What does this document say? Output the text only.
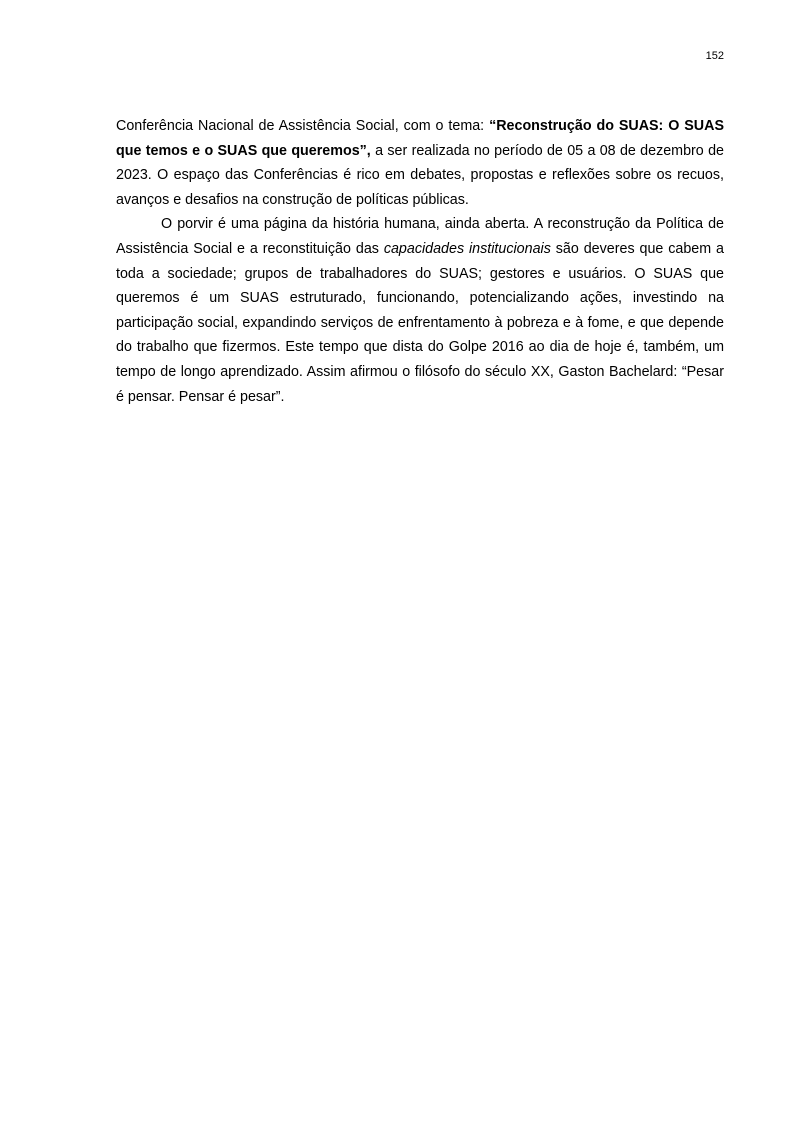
152

Conferência Nacional de Assistência Social, com o tema: “Reconstrução do SUAS: O SUAS que temos e o SUAS que queremos”, a ser realizada no período de 05 a 08 de dezembro de 2023. O espaço das Conferências é rico em debates, propostas e reflexões sobre os recuos, avanços e desafios na construção de políticas públicas.

O porvir é uma página da história humana, ainda aberta. A reconstrução da Política de Assistência Social e a reconstituição das capacidades institucionais são deveres que cabem a toda a sociedade; grupos de trabalhadores do SUAS; gestores e usuários. O SUAS que queremos é um SUAS estruturado, funcionando, potencializando ações, investindo na participação social, expandindo serviços de enfrentamento à pobreza e à fome, e que depende do trabalho que fizermos. Este tempo que dista do Golpe 2016 ao dia de hoje é, também, um tempo de longo aprendizado. Assim afirmou o filósofo do século XX, Gaston Bachelard: “Pesar é pensar. Pensar é pesar”.
